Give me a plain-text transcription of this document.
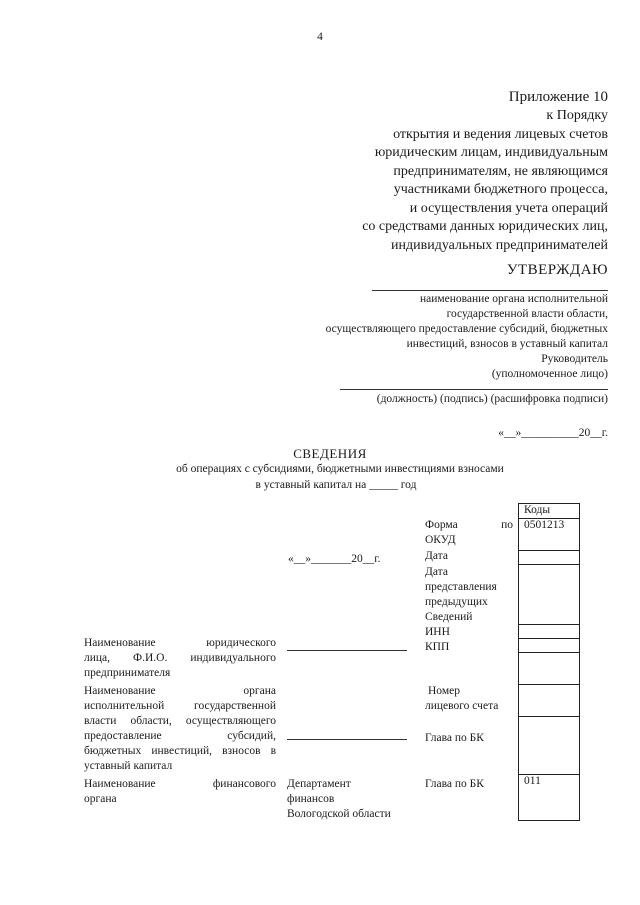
4
Приложение 10
к Порядку
открытия и ведения лицевых счетов
юридическим лицам, индивидуальным
предпринимателям, не являющимся
участниками бюджетного процесса,
и осуществления учета операций
со средствами данных юридических лиц,
индивидуальных предпринимателей
УТВЕРЖДАЮ
наименование органа исполнительной
государственной власти области,
осуществляющего предоставление субсидий, бюджетных
инвестиций, взносов в уставный капитал
Руководитель
(уполномоченное лицо)
(должность) (подпись) (расшифровка подписи)
«__»__________20__г.
СВЕДЕНИЯ
об операциях с субсидиями, бюджетными инвестициями взносами
в уставный капитал на _____ год
«__»_______20__г.
Коды
0501213
011
Форма по
ОКУД
Дата
Дата
представления
предыдущих
Сведений
ИНН
КПП
Номер
лицевого счета
Глава по БК
Глава по БК
Наименование юридического
лица, Ф.И.О. индивидуального
предпринимателя
Наименование органа
исполнительной государственной
власти области, осуществляющего
предоставление субсидий,
бюджетных инвестиций, взносов в
уставный капитал
Наименование финансового
органа
Департамент
финансов
Вологодской области
